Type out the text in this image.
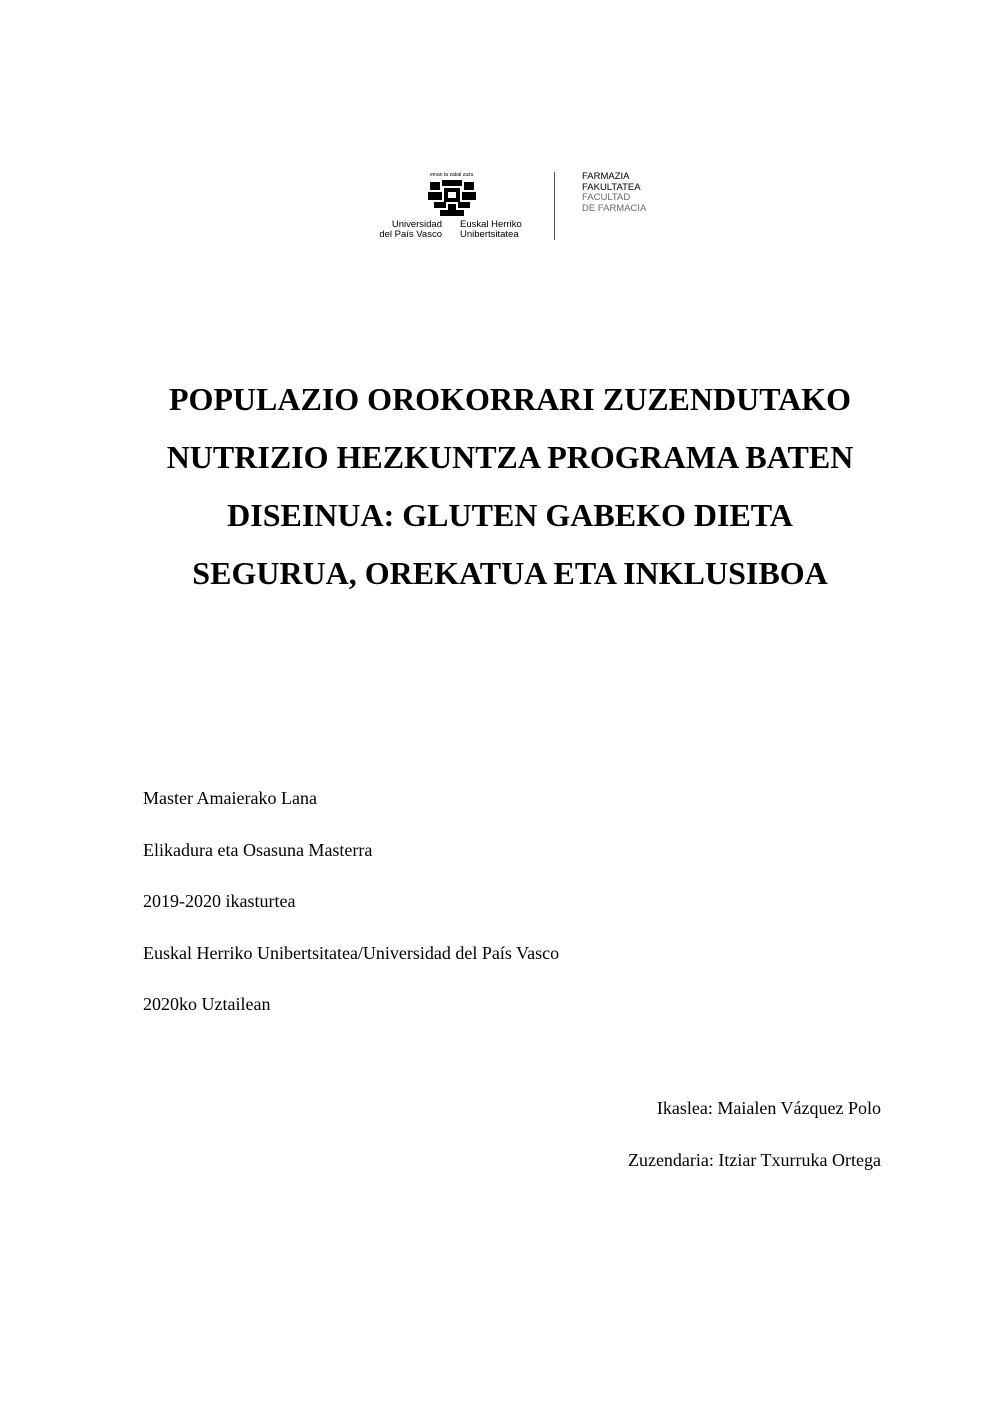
eman ta zabal zazu
Universidad
del País Vasco
Euskal Herriko
Unibertsitatea
FARMAZIA
FAKULTATEA
FACULTAD
DE FARMACIA
POPULAZIO OROKORRARI ZUZENDUTAKO
NUTRIZIO HEZKUNTZA PROGRAMA BATEN
DISEINUA: GLUTEN GABEKO DIETA
SEGURUA, OREKATUA ETA INKLUSIBOA
Master Amaierako Lana
Elikadura eta Osasuna Masterra
2019-2020 ikasturtea
Euskal Herriko Unibertsitatea/Universidad del País Vasco
2020ko Uztailean
Ikaslea: Maialen Vázquez Polo
Zuzendaria: Itziar Txurruka Ortega
